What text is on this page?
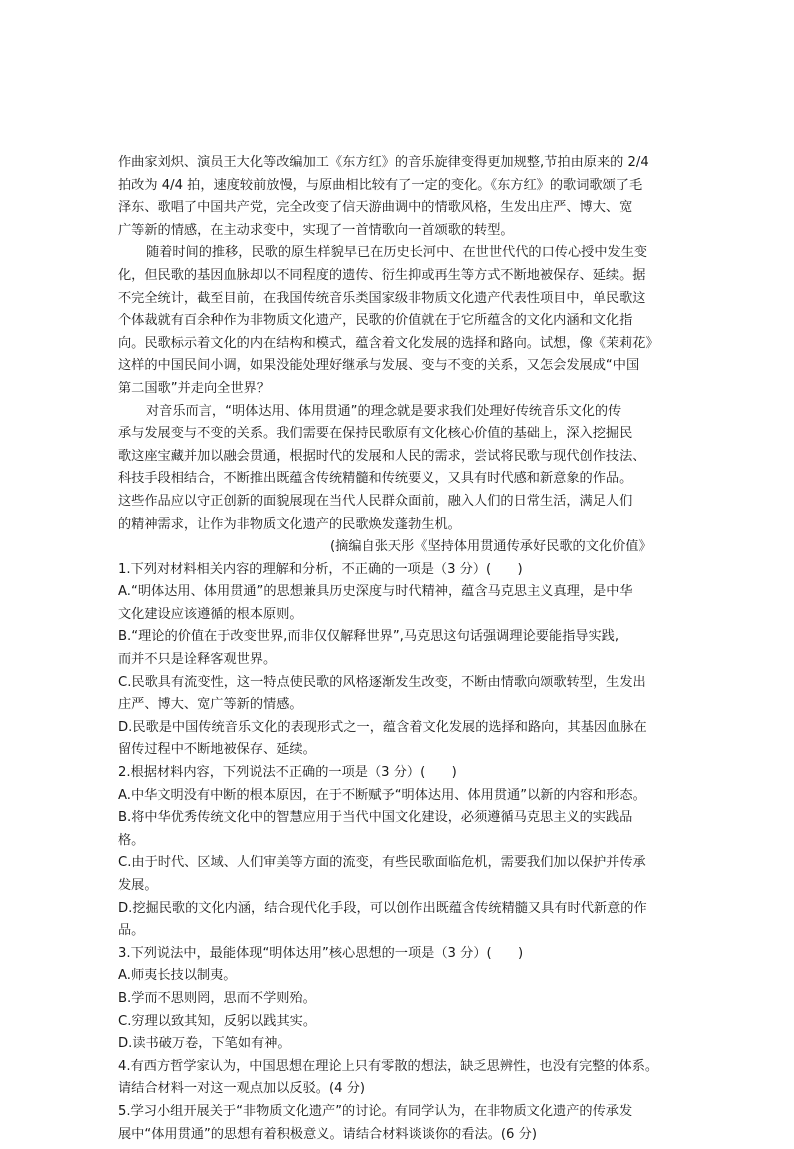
作曲家刘炽、演员王大化等改编加工《东方红》的音乐旋律变得更加规整,节拍由原来的 2/4
拍改为 4/4 拍，速度较前放慢，与原曲相比较有了一定的变化。《东方红》的歌词歌颂了毛
泽东、歌唱了中国共产党，完全改变了信天游曲调中的情歌风格，生发出庄严、博大、宽
广等新的情感，在主动求变中，实现了一首情歌向一首颂歌的转型。
随着时间的推移，民歌的原生样貌早已在历史长河中、在世世代代的口传心授中发生变
化，但民歌的基因血脉却以不同程度的遗传、衍生抑或再生等方式不断地被保存、延续。据
不完全统计，截至目前，在我国传统音乐类国家级非物质文化遗产代表性项目中，单民歌这
个体裁就有百余种作为非物质文化遗产，民歌的价值就在于它所蕴含的文化内涵和文化指
向。民歌标示着文化的内在结构和模式，蕴含着文化发展的选择和路向。试想，像《茉莉花》
这样的中国民间小调，如果没能处理好继承与发展、变与不变的关系，又怎会发展成“中国
第二国歌”并走向全世界？
对音乐而言，“明体达用、体用贯通”的理念就是要求我们处理好传统音乐文化的传
承与发展变与不变的关系。我们需要在保持民歌原有文化核心价值的基础上，深入挖掘民
歌这座宝藏并加以融会贯通，根据时代的发展和人民的需求，尝试将民歌与现代创作技法、
科技手段相结合，不断推出既蕴含传统精髓和传统要义，又具有时代感和新意象的作品。
这些作品应以守正创新的面貌展现在当代人民群众面前，融入人们的日常生活，满足人们
的精神需求，让作为非物质文化遗产的民歌焕发蓬勃生机。
(摘编自张天彤《坚持体用贯通传承好民歌的文化价值》
1.下列对材料相关内容的理解和分析，不正确的一项是（3 分）(　　)
A.“明体达用、体用贯通”的思想兼具历史深度与时代精神，蕴含马克思主义真理，是中华
文化建设应该遵循的根本原则。
B.“理论的价值在于改变世界,而非仅仅解释世界”,马克思这句话强调理论要能指导实践,
而并不只是诠释客观世界。
C.民歌具有流变性，这一特点使民歌的风格逐渐发生改变，不断由情歌向颂歌转型，生发出
庄严、博大、宽广等新的情感。
D.民歌是中国传统音乐文化的表现形式之一，蕴含着文化发展的选择和路向，其基因血脉在
留传过程中不断地被保存、延续。
2.根据材料内容，下列说法不正确的一项是（3 分）(　　)
A.中华文明没有中断的根本原因，在于不断赋予“明体达用、体用贯通”以新的内容和形态。
B.将中华优秀传统文化中的智慧应用于当代中国文化建设，必须遵循马克思主义的实践品
格。
C.由于时代、区域、人们审美等方面的流变，有些民歌面临危机，需要我们加以保护并传承
发展。
D.挖掘民歌的文化内涵，结合现代化手段，可以创作出既蕴含传统精髓又具有时代新意的作
品。
3.下列说法中，最能体现“明体达用”核心思想的一项是（3 分）(　　)
A.师夷长技以制夷。
B.学而不思则罔，思而不学则殆。
C.穷理以致其知，反躬以践其实。
D.读书破万卷，下笔如有神。
4.有西方哲学家认为，中国思想在理论上只有零散的想法，缺乏思辨性，也没有完整的体系。
请结合材料一对这一观点加以反驳。(4 分)
5.学习小组开展关于“非物质文化遗产”的讨论。有同学认为，在非物质文化遗产的传承发
展中“体用贯通”的思想有着积极意义。请结合材料谈谈你的看法。(6 分)
